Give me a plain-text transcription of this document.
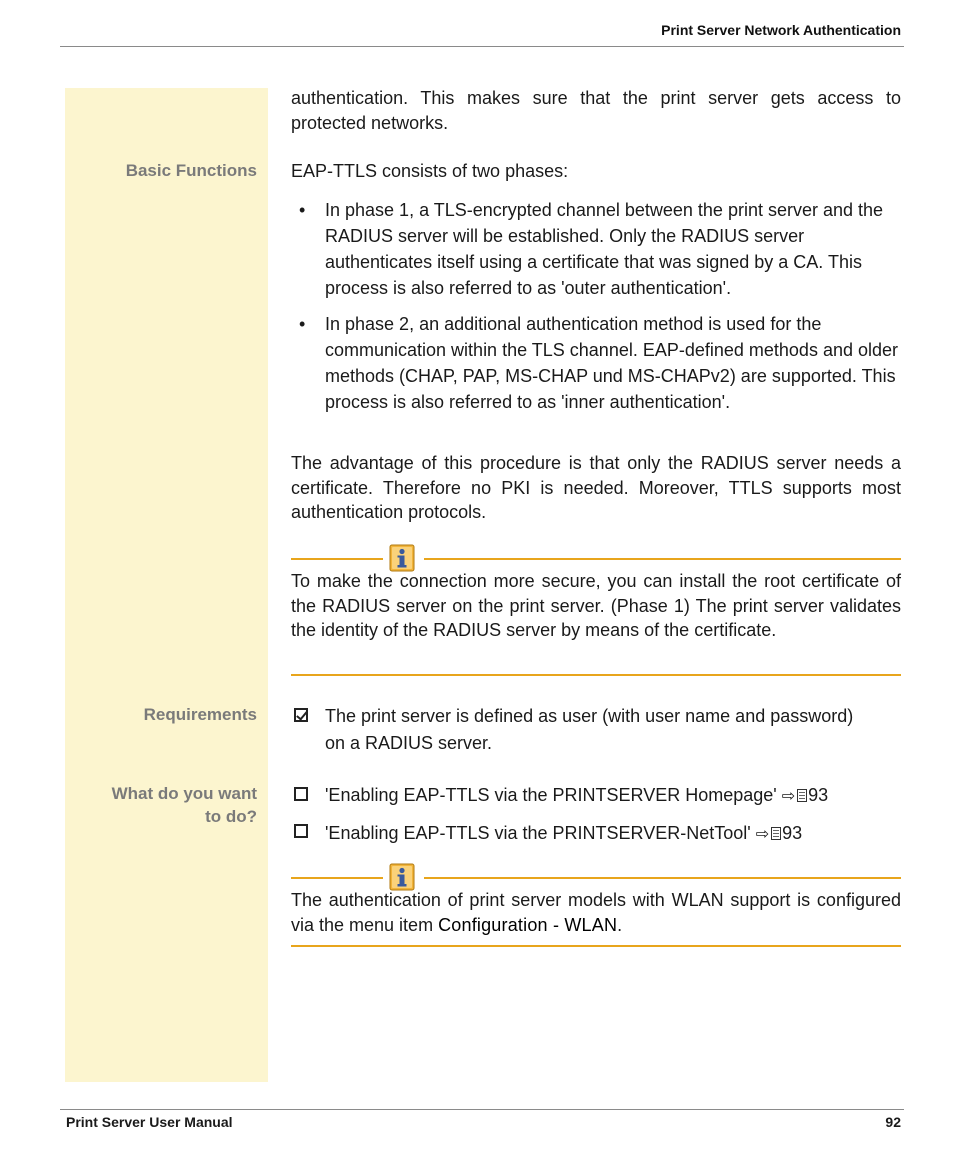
Print Server Network Authentication
authentication. This makes sure that the print server gets access to protected networks.
Basic Functions EAP-TTLS consists of two phases:
• In phase 1, a TLS-encrypted channel between the print server and the RADIUS server will be established. Only the RADIUS server authenticates itself using a certificate that was signed by a CA. This process is also referred to as 'outer authentication'.
• In phase 2, an additional authentication method is used for the communication within the TLS channel. EAP-defined methods and older methods (CHAP, PAP, MS-CHAP und MS-CHAPv2) are supported. This process is also referred to as 'inner authentication'.
The advantage of this procedure is that only the RADIUS server needs a certificate. Therefore no PKI is needed. Moreover, TTLS supports most authentication protocols.
To make the connection more secure, you can install the root certificate of the RADIUS server on the print server. (Phase 1) The print server validates the identity of the RADIUS server by means of the certificate.
Requirements	The print server is defined as user (with user name and password)
on a RADIUS server.
What do you want
to do?
'Enabling EAP-TTLS via the PRINTSERVER Homepage' ⇨ 93
'Enabling EAP-TTLS via the PRINTSERVER-NetTool' ⇨ 93
The authentication of print server models with WLAN support is configured via the menu item Configuration - WLAN.
Print Server User Manual	92
